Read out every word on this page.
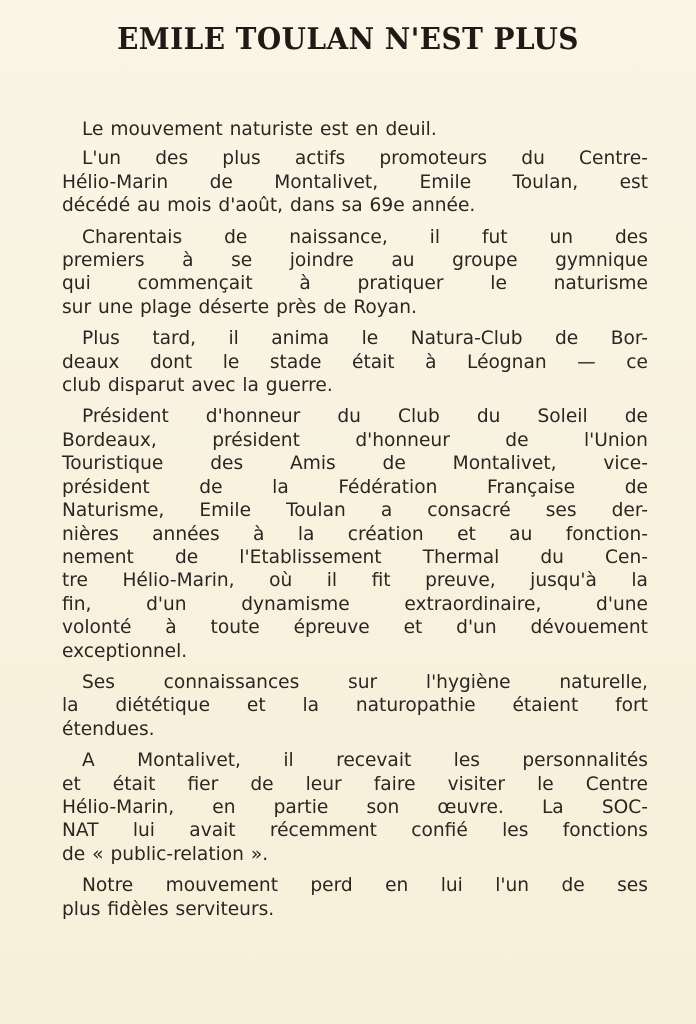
EMILE TOULAN N'EST PLUS
Le mouvement naturiste est en deuil.
L'un des plus actifs promoteurs du Centre-
Hélio-Marin de Montalivet, Emile Toulan, est
décédé au mois d'août, dans sa 69e année.
Charentais de naissance, il fut un des
premiers à se joindre au groupe gymnique
qui	commençait	à	pratiquer	le	naturisme
sur une plage déserte près de Royan.
Plus tard, il anima le Natura-Club de Bor-
deaux dont le stade était à Léognan — ce
club disparut avec la guerre.
Président d'honneur du Club du Soleil de
Bordeaux,	président	d'honneur	de	l'Union
Touristique	des	Amis	de	Montalivet,	vice-
président	de	la	Fédération	Française	de
Naturisme, Emile Toulan a consacré ses der-
nières années à la création et au fonction-
nement de l'Etablissement Thermal du Cen-
tre Hélio-Marin, où il fit preuve, jusqu'à la
fin,	d'un	dynamisme	extraordinaire,	d'une
volonté à toute épreuve et d'un dévouement
exceptionnel.
Ses	connaissances	sur	l'hygiène	naturelle,
la diététique et la naturopathie étaient fort
étendues.
A Montalivet, il recevait les personnalités
et était fier de leur faire visiter le Centre
Hélio-Marin, en partie son œuvre. La SOC-
NAT lui avait récemment confié les fonctions
de « public-relation ».
Notre mouvement perd en lui l'un de ses
plus fidèles serviteurs.
